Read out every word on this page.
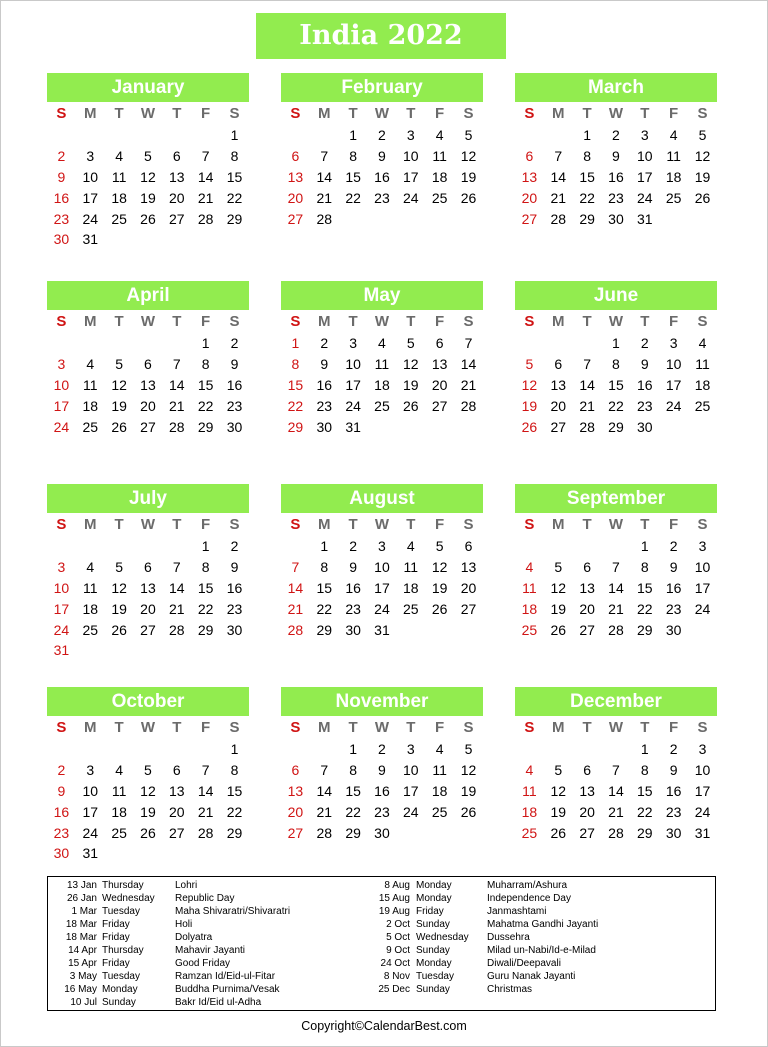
India 2022
January
S	M	T	W	T	F	S
						1
2	3	4	5	6	7	8
9	10	11	12	13	14	15
16	17	18	19	20	21	22
23	24	25	26	27	28	29
30	31					
February
S	M	T	W	T	F	S
		1	2	3	4	5
6	7	8	9	10	11	12
13	14	15	16	17	18	19
20	21	22	23	24	25	26
27	28					
March
S	M	T	W	T	F	S
		1	2	3	4	5
6	7	8	9	10	11	12
13	14	15	16	17	18	19
20	21	22	23	24	25	26
27	28	29	30	31		
April
S	M	T	W	T	F	S
					1	2
3	4	5	6	7	8	9
10	11	12	13	14	15	16
17	18	19	20	21	22	23
24	25	26	27	28	29	30
May
S	M	T	W	T	F	S
1	2	3	4	5	6	7
8	9	10	11	12	13	14
15	16	17	18	19	20	21
22	23	24	25	26	27	28
29	30	31				
June
S	M	T	W	T	F	S
			1	2	3	4
5	6	7	8	9	10	11
12	13	14	15	16	17	18
19	20	21	22	23	24	25
26	27	28	29	30		
July
S	M	T	W	T	F	S
					1	2
3	4	5	6	7	8	9
10	11	12	13	14	15	16
17	18	19	20	21	22	23
24	25	26	27	28	29	30
31						
August
S	M	T	W	T	F	S
	1	2	3	4	5	6
7	8	9	10	11	12	13
14	15	16	17	18	19	20
21	22	23	24	25	26	27
28	29	30	31			
September
S	M	T	W	T	F	S
				1	2	3
4	5	6	7	8	9	10
11	12	13	14	15	16	17
18	19	20	21	22	23	24
25	26	27	28	29	30	
October
S	M	T	W	T	F	S
						1
2	3	4	5	6	7	8
9	10	11	12	13	14	15
16	17	18	19	20	21	22
23	24	25	26	27	28	29
30	31					
November
S	M	T	W	T	F	S
		1	2	3	4	5
6	7	8	9	10	11	12
13	14	15	16	17	18	19
20	21	22	23	24	25	26
27	28	29	30			
December
S	M	T	W	T	F	S
				1	2	3
4	5	6	7	8	9	10
11	12	13	14	15	16	17
18	19	20	21	22	23	24
25	26	27	28	29	30	31
13 Jan Thursday	Lohri
26 Jan Wednesday Republic Day
1 Mar Tuesday	Maha Shivaratri/Shivaratri
18 Mar Friday	Holi
18 Mar Friday	Dolyatra
14 Apr Thursday	Mahavir Jayanti
15 Apr Friday	Good Friday
3 May Tuesday	Ramzan Id/Eid-ul-Fitar
16 May Monday	Buddha Purnima/Vesak
10 Jul Sunday	Bakr Id/Eid ul-Adha
8 Aug Monday	Muharram/Ashura
15 Aug Monday	Independence Day
19 Aug Friday	Janmashtami
2 Oct Sunday	Mahatma Gandhi Jayanti
5 Oct Wednesday Dussehra
9 Oct Sunday	Milad un-Nabi/Id-e-Milad
24 Oct Monday	Diwali/Deepavali
8 Nov Tuesday	Guru Nanak Jayanti
25 Dec Sunday	Christmas
Copyright©CalendarBest.com
